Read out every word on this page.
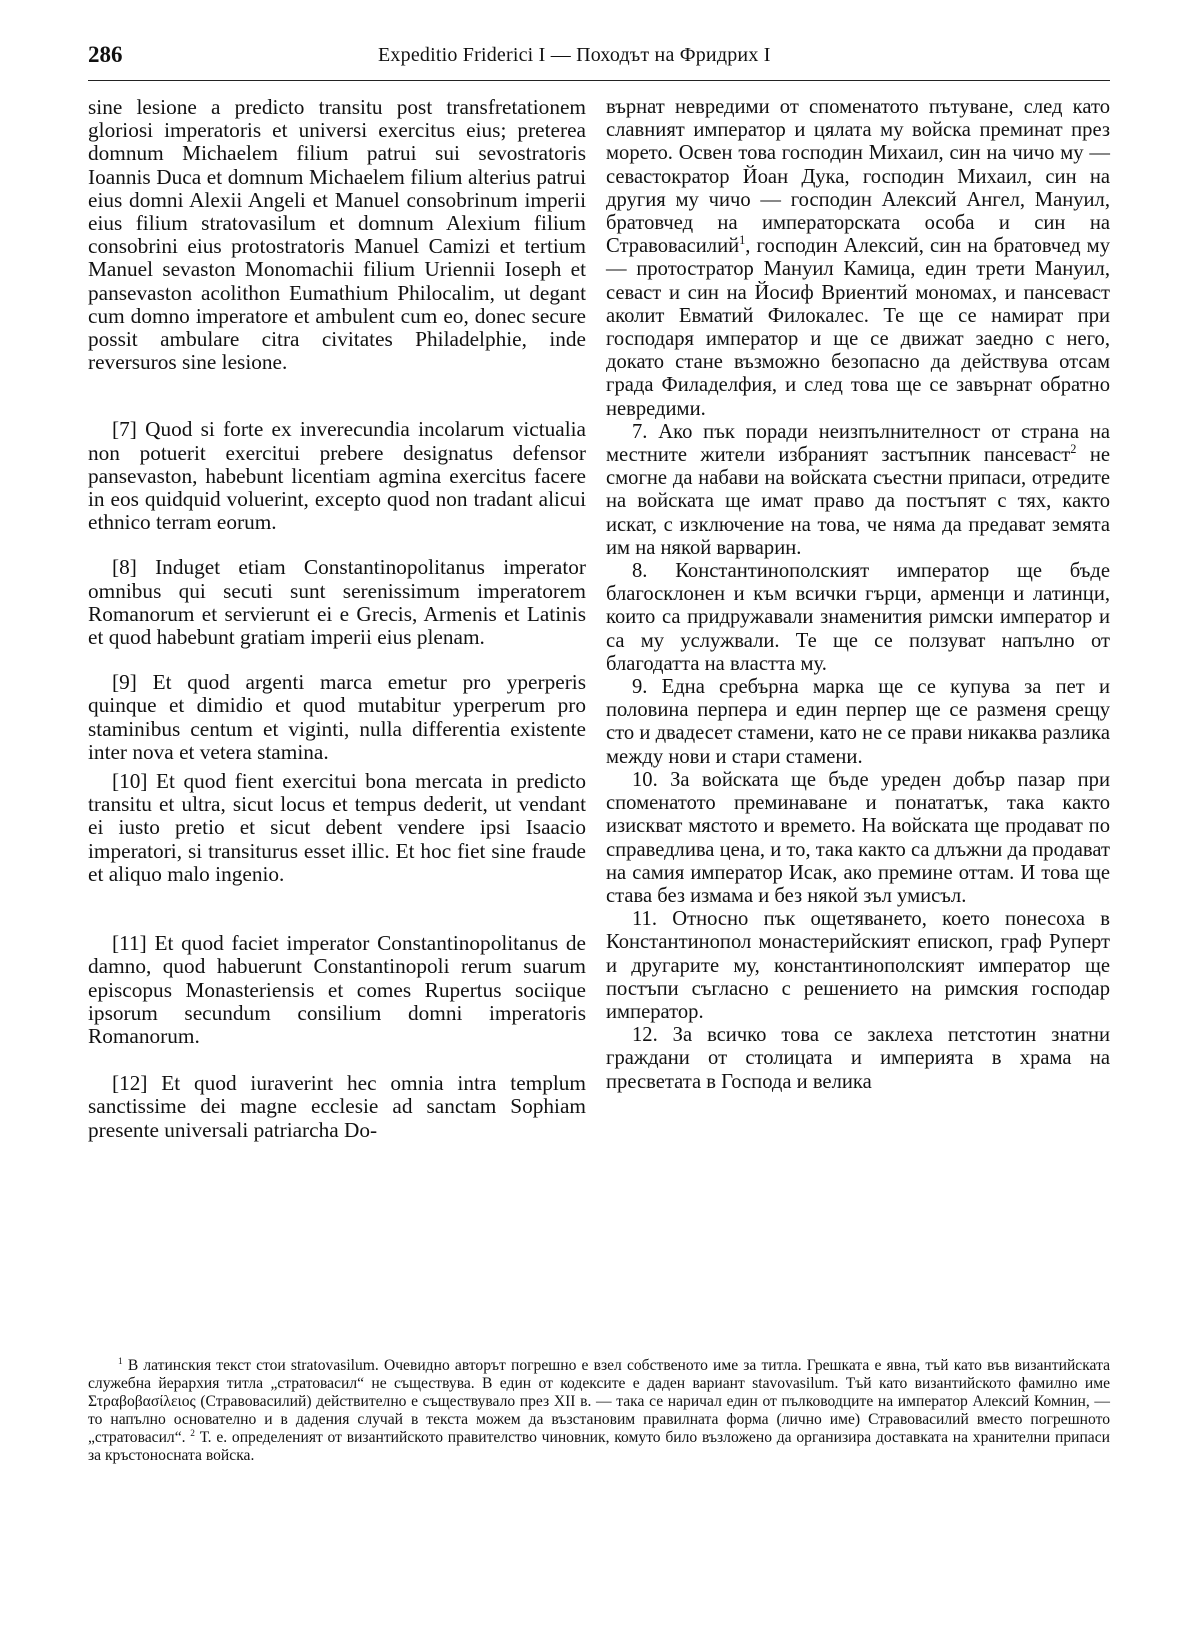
286	Expeditio Friderici I — Походът на Фридрих I

sine lesione a predicto transitu post transfretationem gloriosi imperatoris et universi exercitus eius; preterea domnum Michaelem filium patrui sui sevostratoris Ioannis Duca et domnum Michaelem filium alterius patrui eius domni Alexii Angeli et Manuel consobrinum imperii eius filium stratovasilum et domnum Alexium filium consobrini eius protostratoris Manuel Camizi et tertium Manuel sevaston Monomachii filium Uriennii Ioseph et pansevaston acolithon Eumathium Philocalim, ut degant cum domno imperatore et ambulent cum eo, donec secure possit ambulare citra civitates Philadelphie, inde reversuros sine lesione.

[7] Quod si forte ex inverecundia incolarum victualia non potuerit exercitui prebere designatus defensor pansevaston, habebunt licentiam agmina exercitus facere in eos quidquid voluerint, excepto quod non tradant alicui ethnico terram eorum.

[8] Induget etiam Constantinopolitanus imperator omnibus qui secuti sunt serenissimum imperatorem Romanorum et servierunt ei e Grecis, Armenis et Latinis et quod habebunt gratiam imperii eius plenam.

[9] Et quod argenti marca emetur pro yperperis quinque et dimidio et quod mutabitur yperperum pro staminibus centum et viginti, nulla differentia existente inter nova et vetera stamina.

[10] Et quod fient exercitui bona mercata in predicto transitu et ultra, sicut locus et tempus dederit, ut vendant ei iusto pretio et sicut debent vendere ipsi Isaacio imperatori, si transiturus esset illic. Et hoc fiet sine fraude et aliquo malo ingenio.

[11] Et quod faciet imperator Constantinopolitanus de damno, quod habuerunt Constantinopoli rerum suarum episcopus Monasteriensis et comes Rupertus sociique ipsorum secundum consilium domni imperatoris Romanorum.

[12] Et quod iuraverint hec omnia intra templum sanctissime dei magne ecclesie ad sanctam Sophiam presente universali patriarcha Do-

върнат невредими от споменатото пътуване, след като славният император и цялата му войска преминат през морето. Освен това господин Михаил, син на чичо му — севастократор Йоан Дука, господин Михаил, син на другия му чичо — господин Алексий Ангел, Мануил, братовчед на императорската особа и син на Стравовасилий$^1$, господин Алексий, син на братовчед му — протостратор Мануил Камица, един трети Мануил, севаст и син на Йосиф Вриентий мономах, и пансеваст аколит Евматий Филокалес. Те ще се намират при господаря император и ще се движат заедно с него, докато стане възможно безопасно да действува отсам града Филаделфия, и след това ще се завърнат обратно невредими.

7. Ако пък поради неизпълнителност от страна на местните жители избраният застъпник пансеваст$^2$ не смогне да набави на войската съестни припаси, отредите на войската ще имат право да постъпят с тях, както искат, с изключение на това, че няма да предават земята им на някой варварин.

8. Константинополският император ще бъде благосклонен и към всички гърци, арменци и латинци, които са придружавали знаменития римски император и са му услужвали. Те ще се ползуват напълно от благодатта на властта му.

9. Една сребърна марка ще се купува за пет и половина перпера и един перпер ще се разменя срещу сто и двадесет стамени, като не се прави никаква разлика между нови и стари стамени.

10. За войската ще бъде уреден добър пазар при споменатото преминаване и понататък, така както изискват мястото и времето. На войската ще продават по справедлива цена, и то, така както са длъжни да продават на самия император Исак, ако премине оттам. И това ще става без измама и без някой зъл умисъл.

11. Относно пък ощетяването, което понесоха в Константинопол монастерийският епископ, граф Руперт и другарите му, константинополският император ще постъпи съгласно с решението на римския господар император.

12. За всичко това се заклеха петстотин знатни граждани от столицата и империята в храма на пресветата в Господа и велика

$^1$ В латинския текст стои stratovasilum. Очевидно авторът погрешно е взел собственото име за титла. Грешката е явна, тъй като във византийската служебна йерархия титла „стратовасил“ не съществува. В един от кодексите е даден вариант stavovasilum. Тъй като византийското фамилно име Στραβοβασίλειος (Стравовасилий) действително е съществувало през XII в. — така се наричал един от пълководците на император Алексий Комнин, — то напълно основателно и в дадения случай в текста можем да възстановим правилната форма (лично име) Стравовасилий вместо погрешното „стратовасил“. $^2$ Т. е. определеният от византийското правителство чиновник, комуто било възложено да организира доставката на хранителни припаси за кръстоносната войска.
